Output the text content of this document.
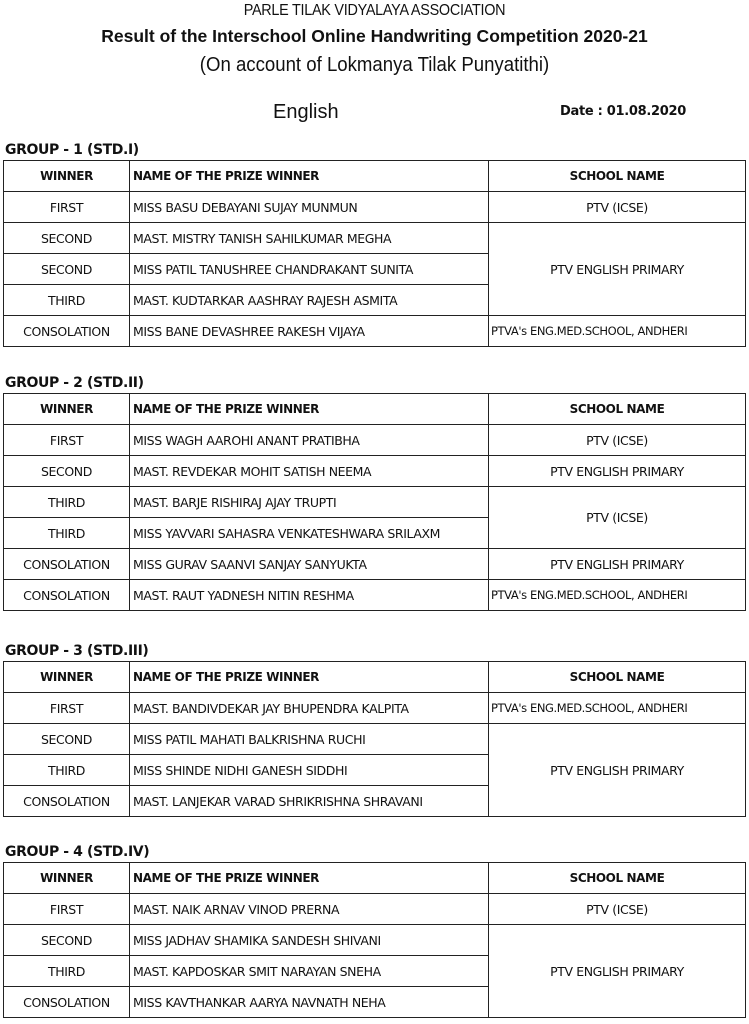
PARLE TILAK VIDYALAYA ASSOCIATION
Result of the Interschool Online Handwriting Competition 2020-21
(On account of Lokmanya Tilak Punyatithi)
English	Date : 01.08.2020
GROUP - 1 (STD.I)
WINNER	NAME OF THE PRIZE WINNER	SCHOOL NAME
FIRST	MISS BASU DEBAYANI SUJAY MUNMUN	PTV (ICSE)
SECOND	MAST. MISTRY TANISH SAHILKUMAR MEGHA	PTV ENGLISH PRIMARY
SECOND	MISS PATIL TANUSHREE CHANDRAKANT SUNITA	
THIRD	MAST. KUDTARKAR AASHRAY RAJESH ASMITA	
CONSOLATION	MISS BANE DEVASHREE RAKESH VIJAYA	PTVA's ENG.MED.SCHOOL, ANDHERI
GROUP - 2 (STD.II)
WINNER	NAME OF THE PRIZE WINNER	SCHOOL NAME
FIRST	MISS WAGH AAROHI ANANT PRATIBHA	PTV (ICSE)
SECOND	MAST. REVDEKAR MOHIT SATISH NEEMA	PTV ENGLISH PRIMARY
THIRD	MAST. BARJE RISHIRAJ AJAY TRUPTI	PTV (ICSE)
THIRD	MISS YAVVARI SAHASRA VENKATESHWARA SRILAXM	
CONSOLATION	MISS GURAV SAANVI SANJAY SANYUKTA	PTV ENGLISH PRIMARY
CONSOLATION	MAST. RAUT YADNESH NITIN RESHMA	PTVA's ENG.MED.SCHOOL, ANDHERI
GROUP - 3 (STD.III)
WINNER	NAME OF THE PRIZE WINNER	SCHOOL NAME
FIRST	MAST. BANDIVDEKAR JAY BHUPENDRA KALPITA	PTVA's ENG.MED.SCHOOL, ANDHERI
SECOND	MISS PATIL MAHATI BALKRISHNA RUCHI	PTV ENGLISH PRIMARY
THIRD	MISS SHINDE NIDHI GANESH SIDDHI	
CONSOLATION	MAST. LANJEKAR VARAD SHRIKRISHNA SHRAVANI	
GROUP - 4 (STD.IV)
WINNER	NAME OF THE PRIZE WINNER	SCHOOL NAME
FIRST	MAST. NAIK ARNAV VINOD PRERNA	PTV (ICSE)
SECOND	MISS JADHAV SHAMIKA SANDESH SHIVANI	PTV ENGLISH PRIMARY
THIRD	MAST. KAPDOSKAR SMIT NARAYAN SNEHA	
CONSOLATION	MISS KAVTHANKAR AARYA NAVNATH NEHA	
